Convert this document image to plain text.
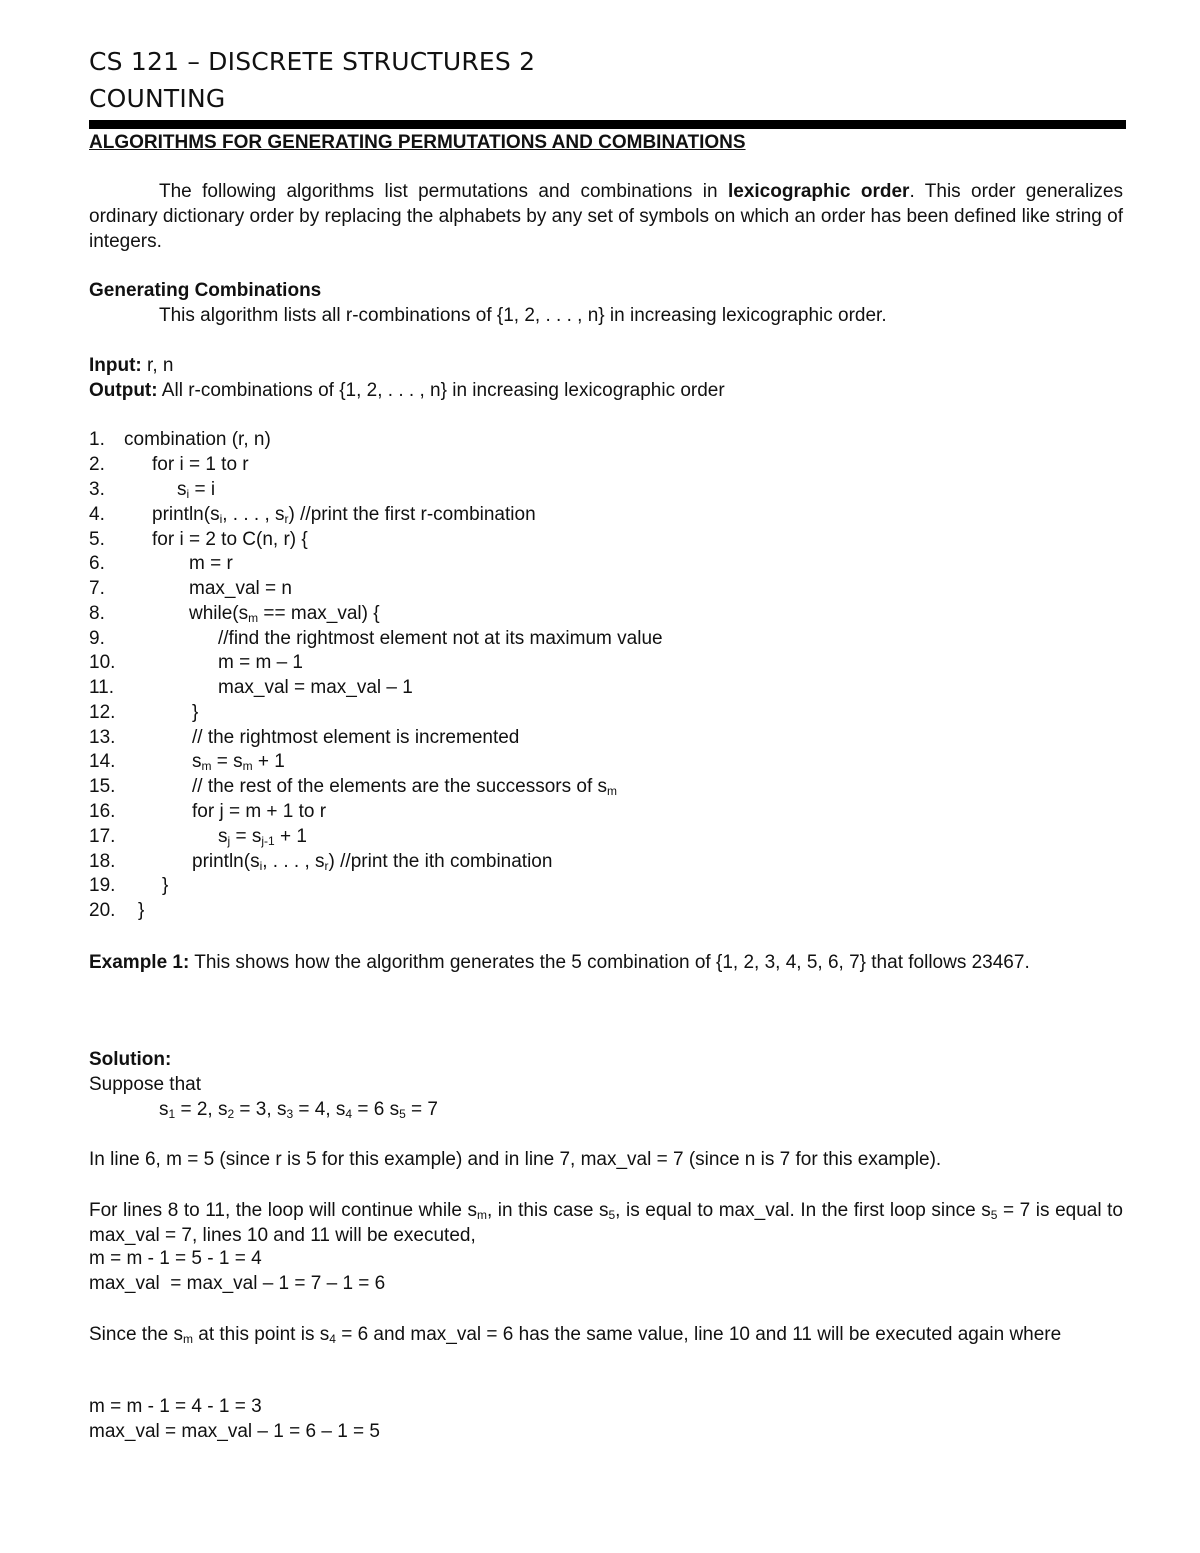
CS 121 – DISCRETE STRUCTURES 2
COUNTING
ALGORITHMS FOR GENERATING PERMUTATIONS AND COMBINATIONS
The following algorithms list permutations and combinations in lexicographic order. This order generalizes ordinary dictionary order by replacing the alphabets by any set of symbols on which an order has been defined like string of integers.
Generating Combinations
This algorithm lists all r-combinations of {1, 2, . . . , n} in increasing lexicographic order.
Input: r, n
Output: All r-combinations of {1, 2, . . . , n} in increasing lexicographic order
1.
2.
3.
4.
5.
6.
7.
8.
9.
10.
11.
12.
13.
14.
15.
16.
17.
18.
19.
20.
combination (r, n)
for i = 1 to r
$s_i = i$
$println(s_i$, . . . , $s_r$) //print the first r-combination
for i = 2 to C(n, r) {
m = r
max_val = n
$while(s_m$ == max_val) {
//find the rightmost element not at its maximum value
m = m – 1
max_val = max_val – 1
}
// the rightmost element is incremented
$s_m = s_m + 1$
// the rest of the elements are the successors of $s_m$
for j = m + 1 to r
$s_j = s_{j-1} + 1$
$println(s_i$, . . . , $s_r$) //print the ith combination
}
}
Example 1: This shows how the algorithm generates the 5 combination of {1, 2, 3, 4, 5, 6, 7} that follows 23467.
Solution:
Suppose that
$s_1 = 2$, $s_2 = 3$, $s_3 = 4$, $s_4 = 6$ $s_5 = 7$
In line 6, m = 5 (since r is 5 for this example) and in line 7, max_val = 7 (since n is 7 for this example).
For lines 8 to 11, the loop will continue while $s_m$, in this case $s_5$, is equal to max_val. In the first loop since $s_5 = 7$ is equal to max_val = 7, lines 10 and 11 will be executed,
m = m - 1 = 5 - 1 = 4
max_val  = max_val – 1 = 7 – 1 = 6
Since the $s_m$ at this point is $s_4 = 6$ and max_val = 6 has the same value, line 10 and 11 will be executed again where
m = m - 1 = 4 - 1 = 3
max_val = max_val – 1 = 6 – 1 = 5
